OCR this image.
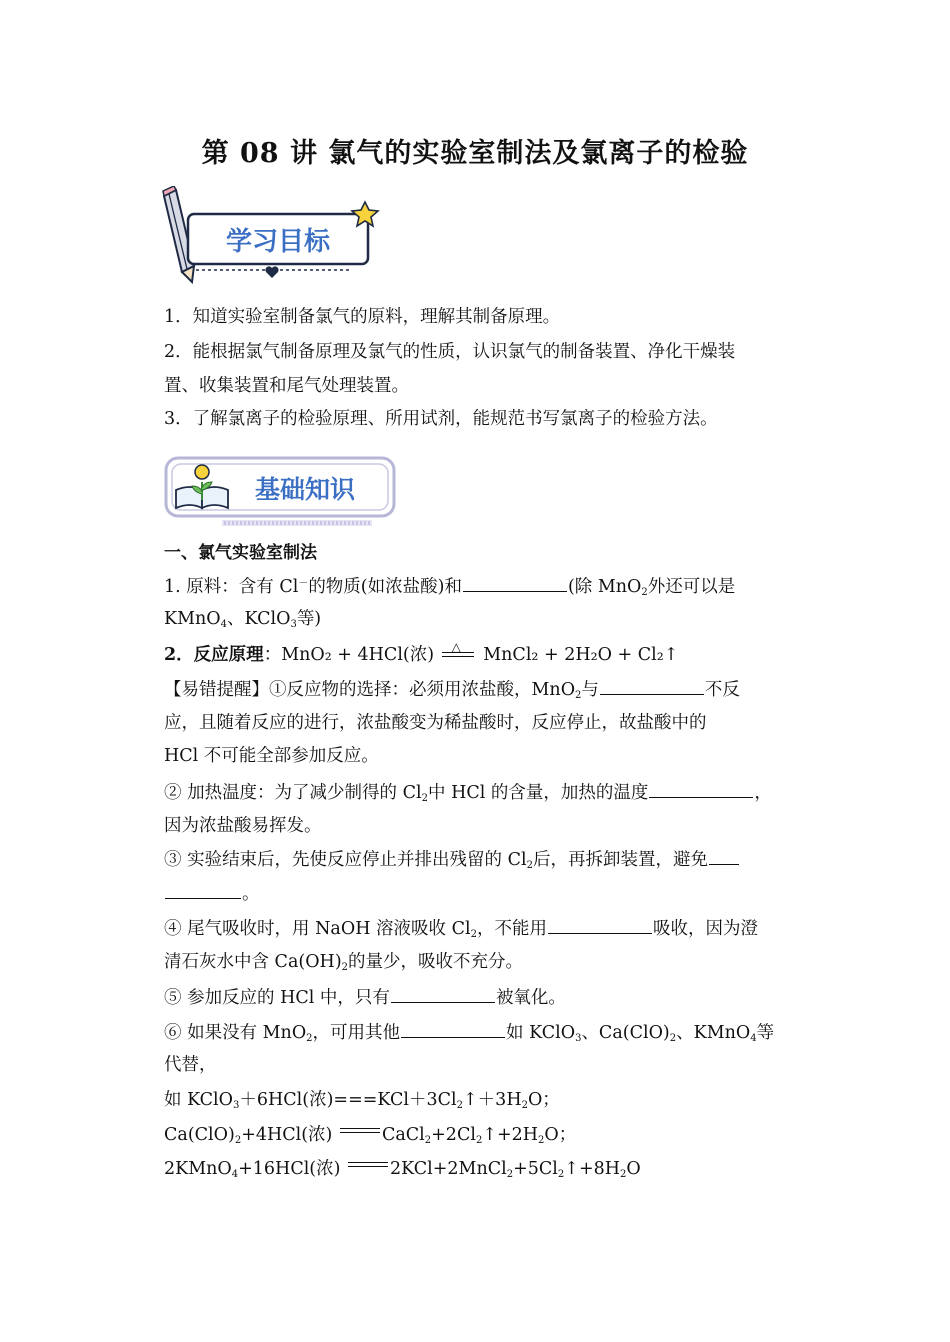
第 08 讲 氯气的实验室制法及氯离子的检验
学习目标
1．知道实验室制备氯气的原料，理解其制备原理。
2．能根据氯气制备原理及氯气的性质，认识氯气的制备装置、净化干燥装
置、收集装置和尾气处理装置。
3．了解氯离子的检验原理、所用试剂，能规范书写氯离子的检验方法。
基础知识
一、氯气实验室制法
1. 原料：含有 Cl－的物质(如浓盐酸)和	(除 MnO$_2$外还可以是
KMnO$_4$、KClO$_3$等)
2．反应原理：MnO₂ + 4HCl(浓) △ MnCl₂ + 2H₂O + Cl₂↑
【易错提醒】①反应物的选择：必须用浓盐酸，MnO$_2$与	不反
应，且随着反应的进行，浓盐酸变为稀盐酸时，反应停止，故盐酸中的
HCl 不可能全部参加反应。
② 加热温度：为了减少制得的 $Cl_2$中 HCl 的含量，加热的温度	，
因为浓盐酸易挥发。
③ 实验结束后，先使反应停止并排出残留的 $Cl_2$后，再拆卸装置，避免
。
④ 尾气吸收时，用 NaOH 溶液吸收 $Cl_2$，不能用	吸收，因为澄
清石灰水中含 $Ca(OH)_2$的量少，吸收不充分。
⑤ 参加反应的 HCl 中，只有	被氧化。
⑥ 如果没有 MnO$_2$，可用其他	如 KClO$_3$、$Ca(ClO)_2$、KMnO$_4$等
代替，
如 KClO$_3$＋6HCl(浓)$===KCl+3Cl_2↑+3H_2O$；
$Ca(ClO)_2+4HCl$(浓)	$CaCl_2+2Cl_2↑+2H_2O$；
2KMnO$_4$+16HCl(浓)	$2KCl+2MnCl_2+5Cl_2↑+8H_2O$
